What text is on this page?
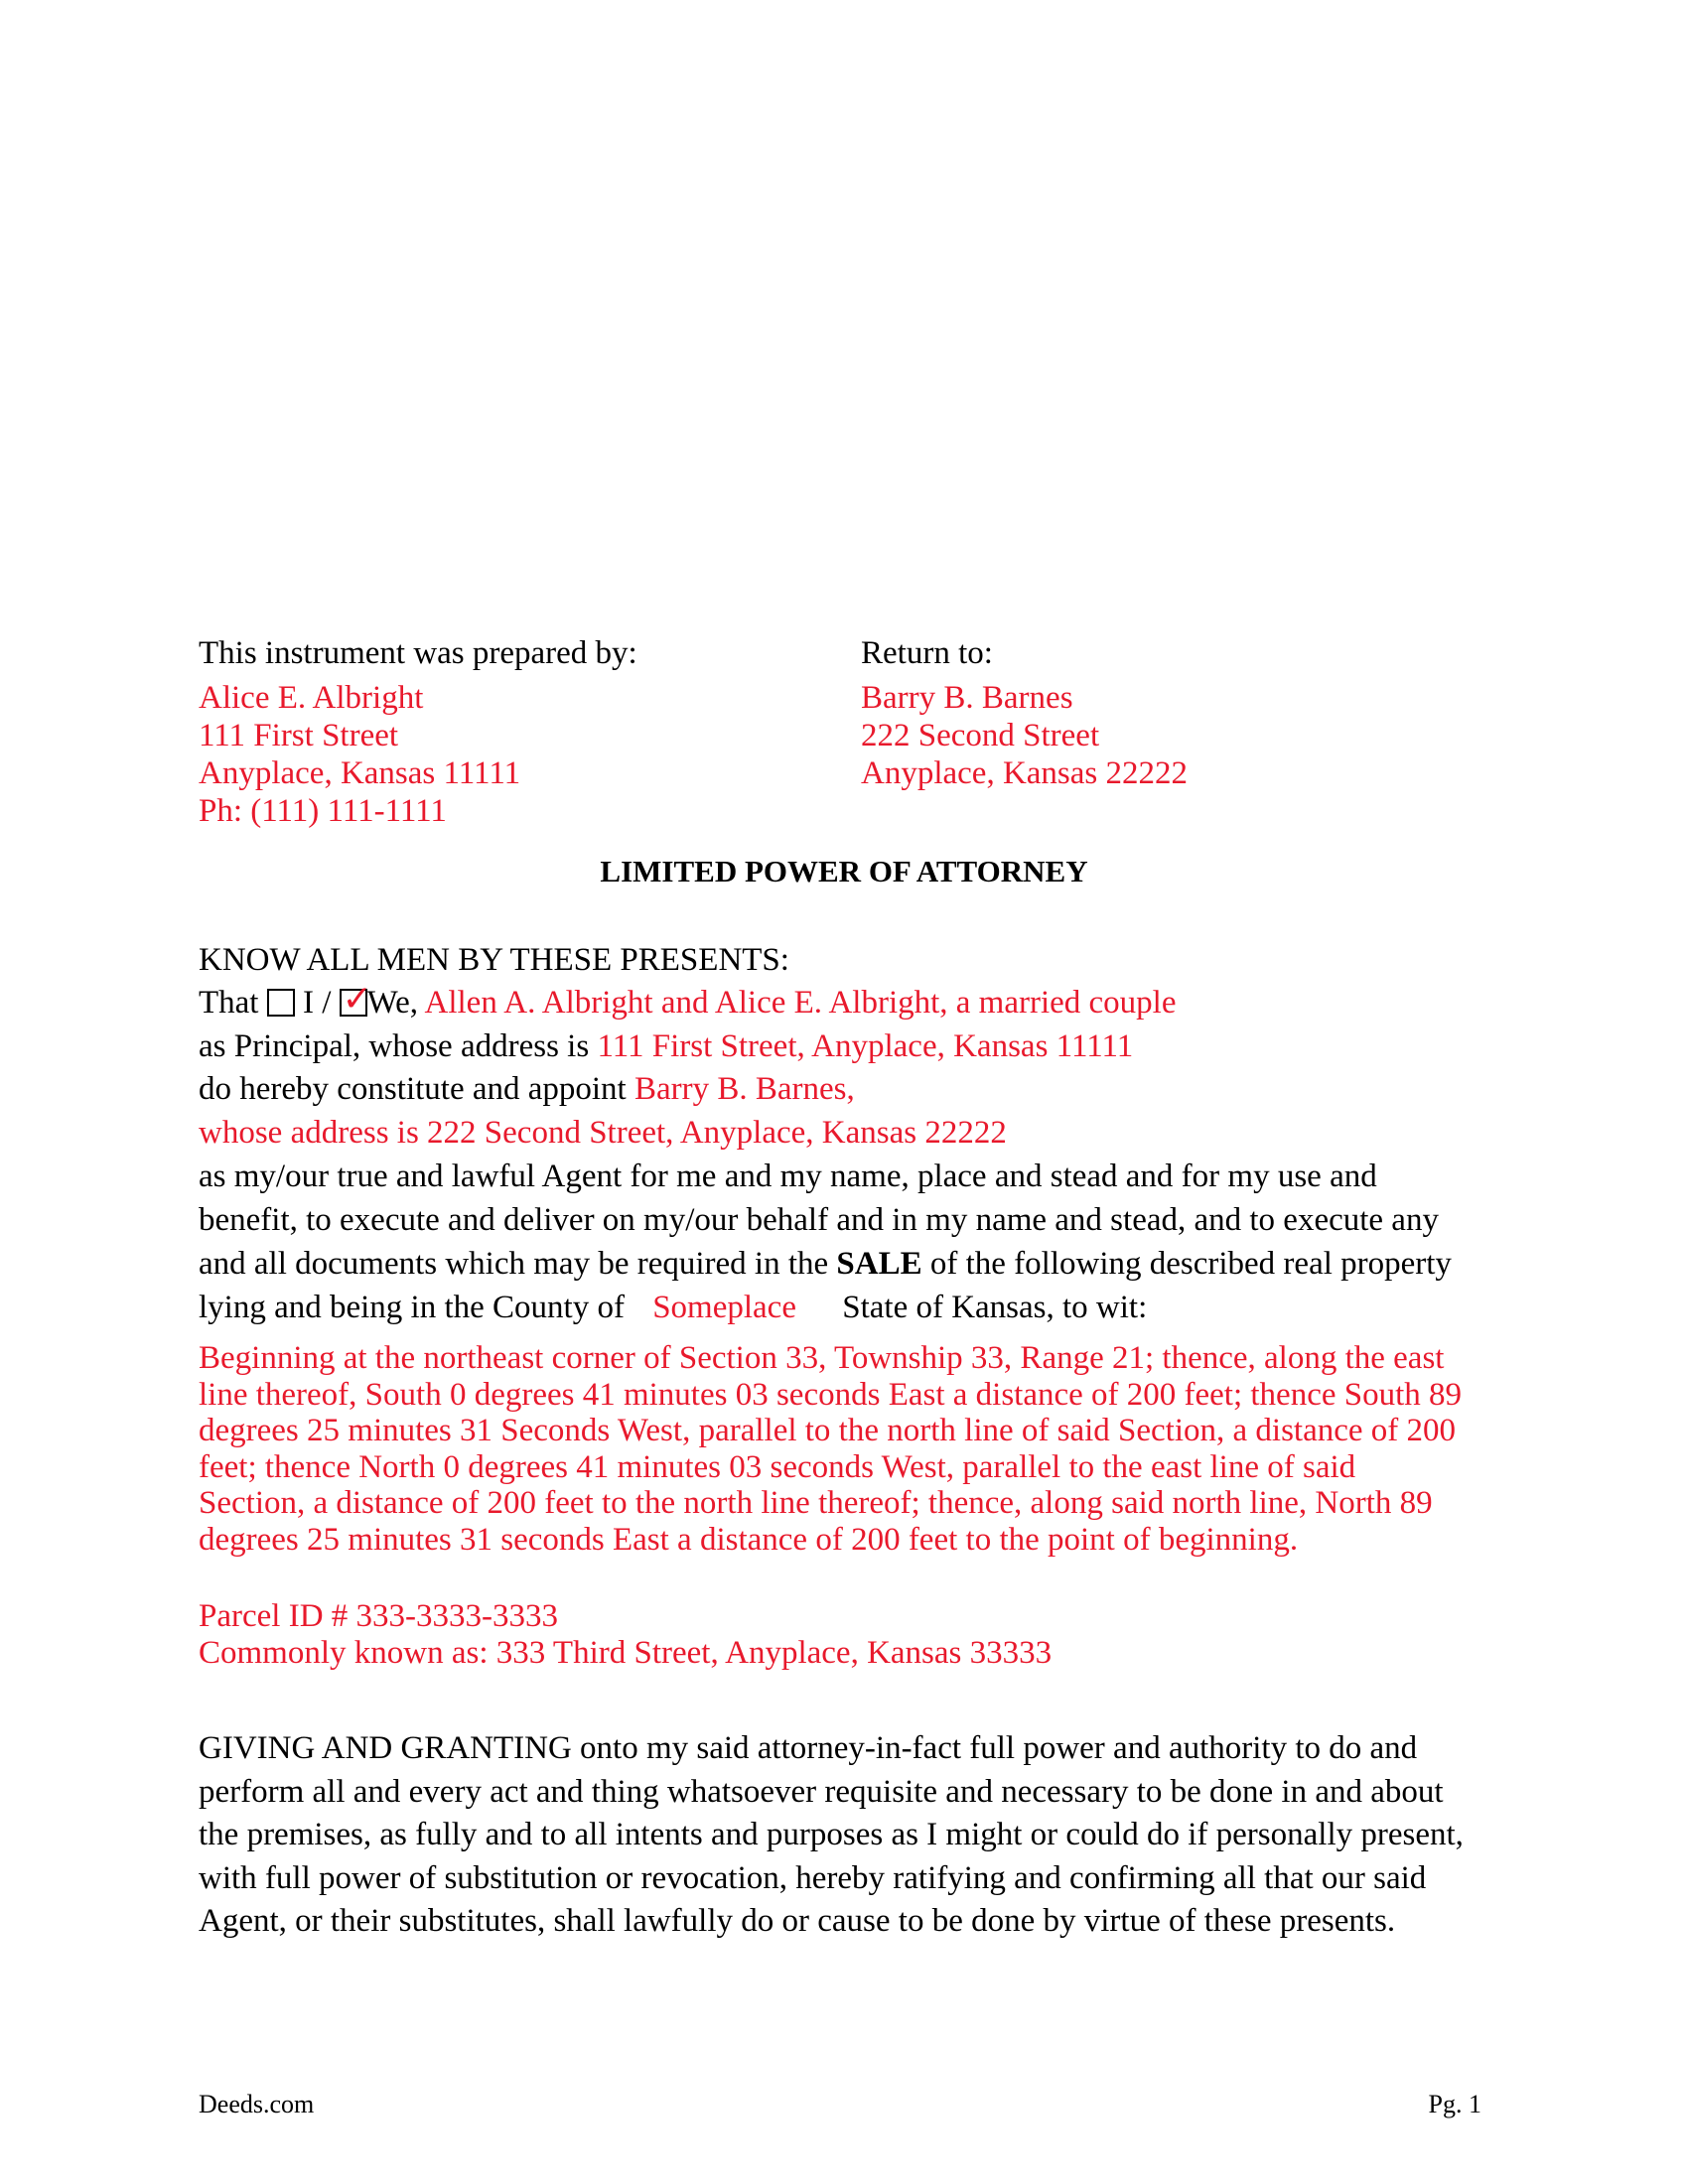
This instrument was prepared by:
Alice E. Albright
111 First Street
Anyplace, Kansas 11111
Ph: (111) 111-1111
Return to:
Barry B. Barnes
222 Second Street
Anyplace, Kansas 22222
LIMITED POWER OF ATTORNEY
KNOW ALL MEN BY THESE PRESENTS:
That I / ✓
We, Allen A. Albright and Alice E. Albright, a married couple
as Principal, whose address is 111 First Street, Anyplace, Kansas 11111
do hereby constitute and appoint Barry B. Barnes,
whose address is 222 Second Street, Anyplace, Kansas 22222
as my/our true and lawful Agent for me and my name, place and stead and for my use and
benefit, to execute and deliver on my/our behalf and in my name and stead, and to execute any
and all documents which may be required in the SALE of the following described real property
lying and being in the County of Someplace State of Kansas, to wit:
Beginning at the northeast corner of Section 33, Township 33, Range 21; thence, along the east
line thereof, South 0 degrees 41 minutes 03 seconds East a distance of 200 feet; thence South 89
degrees 25 minutes 31 Seconds West, parallel to the north line of said Section, a distance of 200
feet; thence North 0 degrees 41 minutes 03 seconds West, parallel to the east line of said
Section, a distance of 200 feet to the north line thereof; thence, along said north line, North 89
degrees 25 minutes 31 seconds East a distance of 200 feet to the point of beginning.
Parcel ID # 333-3333-3333
Commonly known as: 333 Third Street, Anyplace, Kansas 33333
GIVING AND GRANTING onto my said attorney-in-fact full power and authority to do and
perform all and every act and thing whatsoever requisite and necessary to be done in and about
the premises, as fully and to all intents and purposes as I might or could do if personally present,
with full power of substitution or revocation, hereby ratifying and confirming all that our said
Agent, or their substitutes, shall lawfully do or cause to be done by virtue of these presents.
Deeds.com	Pg. 1
